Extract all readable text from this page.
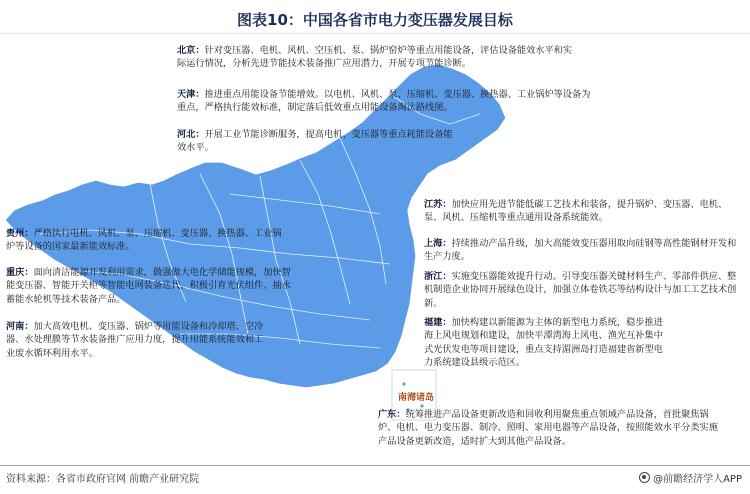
图表10：中国各省市电力变压器发展目标

北京：针对变压器、电机、风机、空压机、泵、锅炉窑炉等重点用能设备，评估设备能效水平和实际运行情况，分析先进节能技术装备推广应用潜力，开展专项节能诊断。

天津：推进重点用能设备节能增效。以电机、风机、泵、压缩机、变压器、换热器、工业锅炉等设备为重点，严格执行能效标准，制定落后低效重点用能设备淘汰路线图。

河北：开展工业节能诊断服务，提高电机、变压器等重点耗能设备能效水平。

贵州：严格执行电机、风机、泵、压缩机、变压器、换热器、工业锅炉等设备的国家最新能效标准。

重庆：面向清洁能源开发利用需求，做强做大电化学储能规模，加快智能变压器、智能开关柜等智能电网装备迭代，积极引育光伏组件、抽水蓄能水轮机等技术装备产品。

河南：加大高效电机、变压器、锅炉等用能设备和冷却塔、空冷器、水处理膜等节水装备推广应用力度，提升用能系统能效和工业废水循环利用水平。

江苏：加快应用先进节能低碳工艺技术和装备，提升锅炉、变压器、电机、泵、风机、压缩机等重点通用设备系统能效。

上海：持续推动产品升级，加大高能效变压器用取向硅钢等高性能钢材开发和生产力度。

浙江：实施变压器能效提升行动。引导变压器关键材料生产、零部件供应、整机制造企业协同开展绿色设计，加强立体卷铁芯等结构设计与加工工艺技术创新。

福建：加快构建以新能源为主体的新型电力系统，稳步推进海上风电规划和建设，加快平潭湾海上风电、渔光互补集中式光伏发电等项目建设，重点支持湄洲岛打造福建省新型电力系统建设县级示范区。

广东：统筹推进产品设备更新改造和回收利用聚焦重点领域产品设备，首批聚焦锅炉、电机、电力变压器、制冷、照明、家用电器等产品设备，按照能效水平分类实施产品设备更新改造，适时扩大到其他产品设备。

南海诸岛
资料来源：各省市政府官网 前瞻产业研究院	@前瞻经济学人APP
